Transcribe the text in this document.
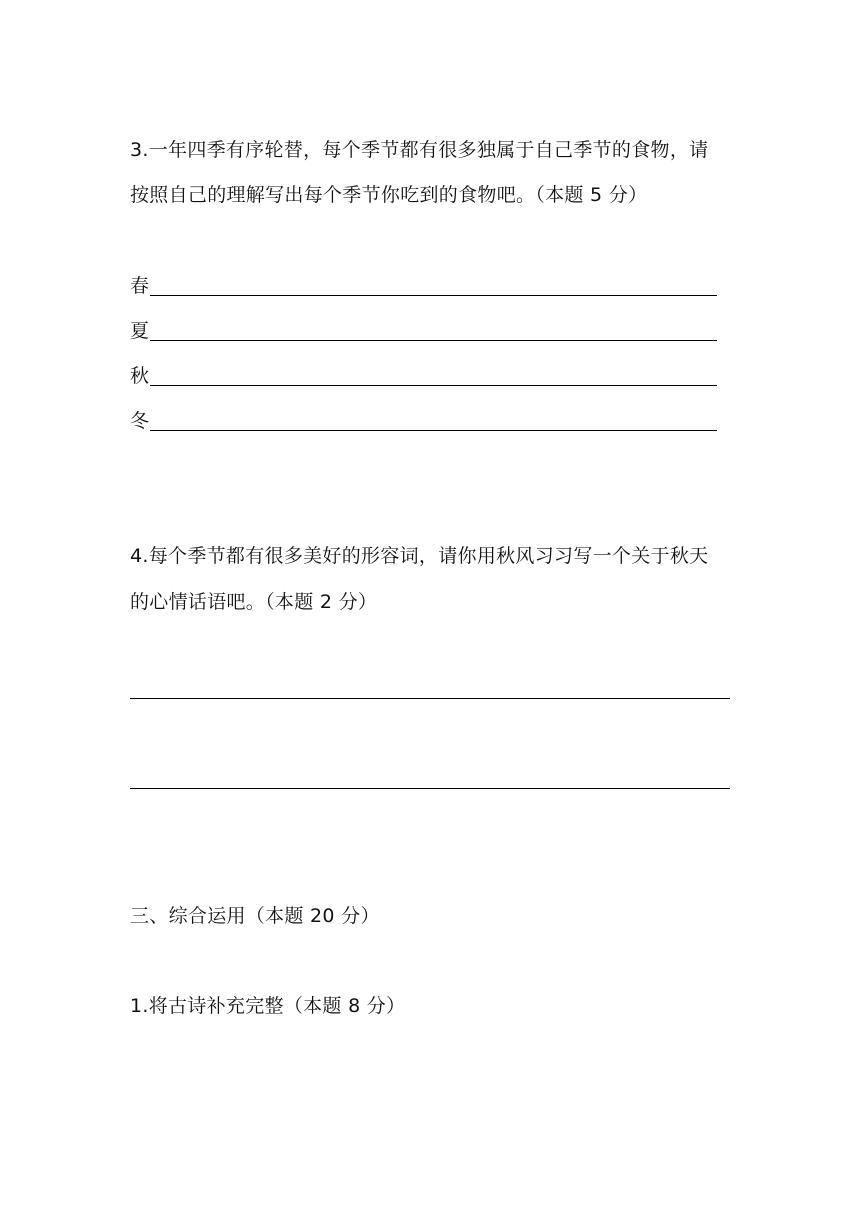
3.一年四季有序轮替，每个季节都有很多独属于自己季节的食物，请
按照自己的理解写出每个季节你吃到的食物吧。（本题 5 分）
春
夏
秋
冬
4.每个季节都有很多美好的形容词，请你用秋风习习写一个关于秋天
的心情话语吧。（本题 2 分）
三、综合运用（本题 20 分）
1.将古诗补充完整（本题 8 分）
